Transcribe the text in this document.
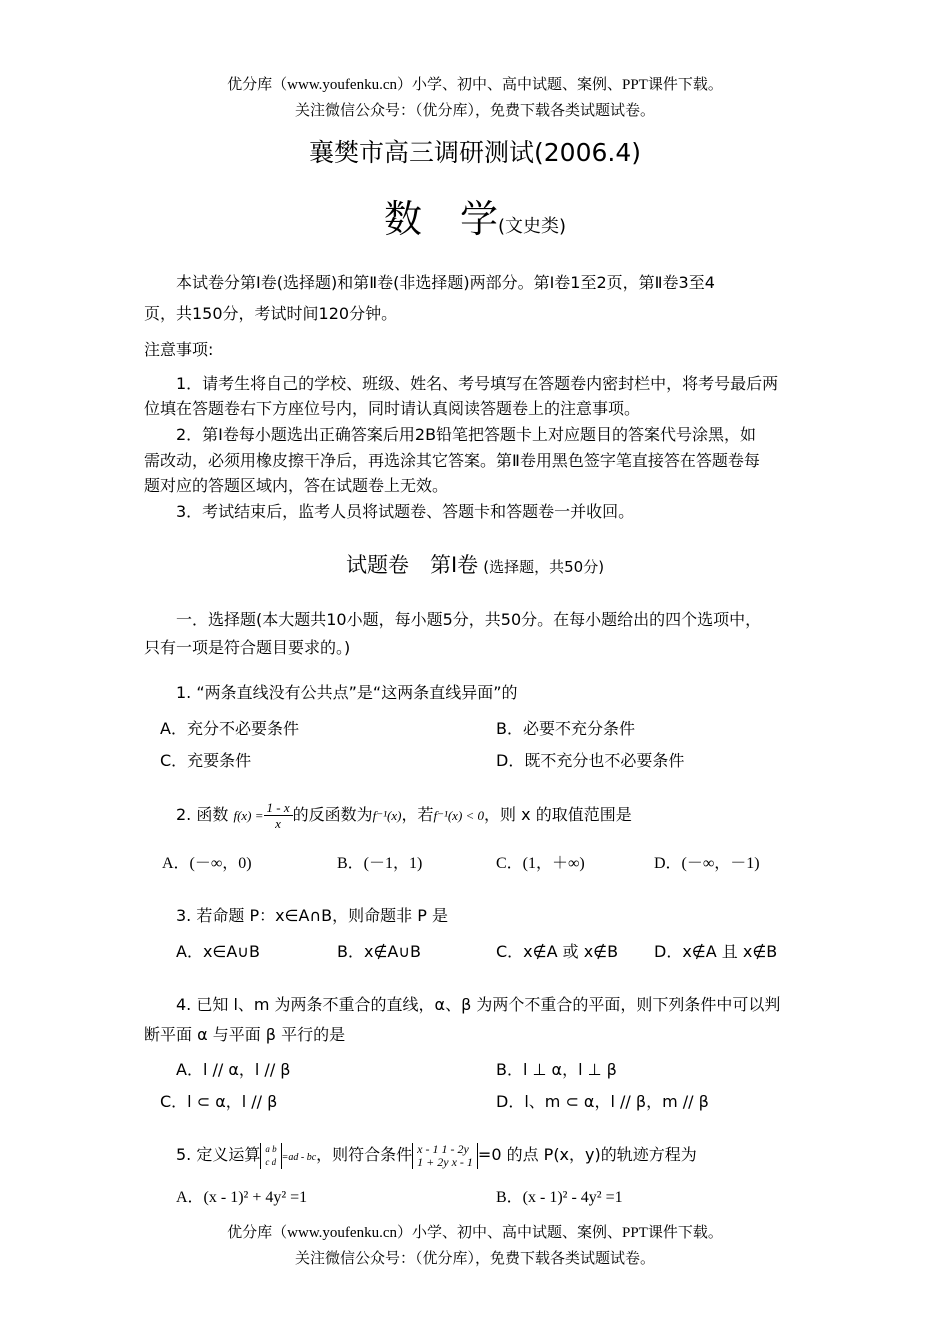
优分库（www.youfenku.cn）小学、初中、高中试题、案例、PPT课件下载。
关注微信公众号：（优分库），免费下载各类试题试卷。
襄樊市高三调研测试(2006.4)
数　学(文史类)
本试卷分第Ⅰ卷(选择题)和第Ⅱ卷(非选择题)两部分。第Ⅰ卷1至2页，第Ⅱ卷3至4
页，共150分，考试时间120分钟。
注意事项:
1．请考生将自己的学校、班级、姓名、考号填写在答题卷内密封栏中，将考号最后两
位填在答题卷右下方座位号内，同时请认真阅读答题卷上的注意事项。
2．第Ⅰ卷每小题选出正确答案后用2B铅笔把答题卡上对应题目的答案代号涂黑，如
需改动，必须用橡皮擦干净后，再选涂其它答案。第Ⅱ卷用黑色签字笔直接答在答题卷每
题对应的答题区域内，答在试题卷上无效。
3．考试结束后，监考人员将试题卷、答题卡和答题卷一并收回。
试题卷　第Ⅰ卷 (选择题，共50分)
一．选择题(本大题共10小题，每小题5分，共50分。在每小题给出的四个选项中，
只有一项是符合题目要求的。)
1. “两条直线没有公共点”是“这两条直线异面”的
A．充分不必要条件	B．必要不充分条件
C．充要条件	D．既不充分也不必要条件
2. 函数 $f(x) = \frac{1 - x}{x}$ 的反函数为f⁻¹(x)，若f⁻¹(x) < 0，则 x 的取值范围是
A．(－∞，0)	B．(－1，1)	C．(1，＋∞)	D．(－∞，－1)
3. 若命题 P：x∈A∩B，则命题非 P 是
A．x∈A∪B	B．x∉A∪B	C．x∉A 或 x∉B D．x∉A 且 x∉B
4. 已知 l、m 为两条不重合的直线，α、β 为两个不重合的平面，则下列条件中可以判
断平面 α 与平面 β 平行的是
A．l // α，l // β	B．l ⊥ α，l ⊥ β
C．l ⊂ α，l // β	D．l、m ⊂ α，l // β，m // β
5. 定义运算 a b
c d =ad - bc，则符合条件 x - 1 1 - 2y
1 + 2y x - 1 =0 的点 P(x，y)的轨迹方程为
A．(x - 1)² + 4y² =1	B．(x - 1)² - 4y² =1
优分库（www.youfenku.cn）小学、初中、高中试题、案例、PPT课件下载。
关注微信公众号：（优分库），免费下载各类试题试卷。
